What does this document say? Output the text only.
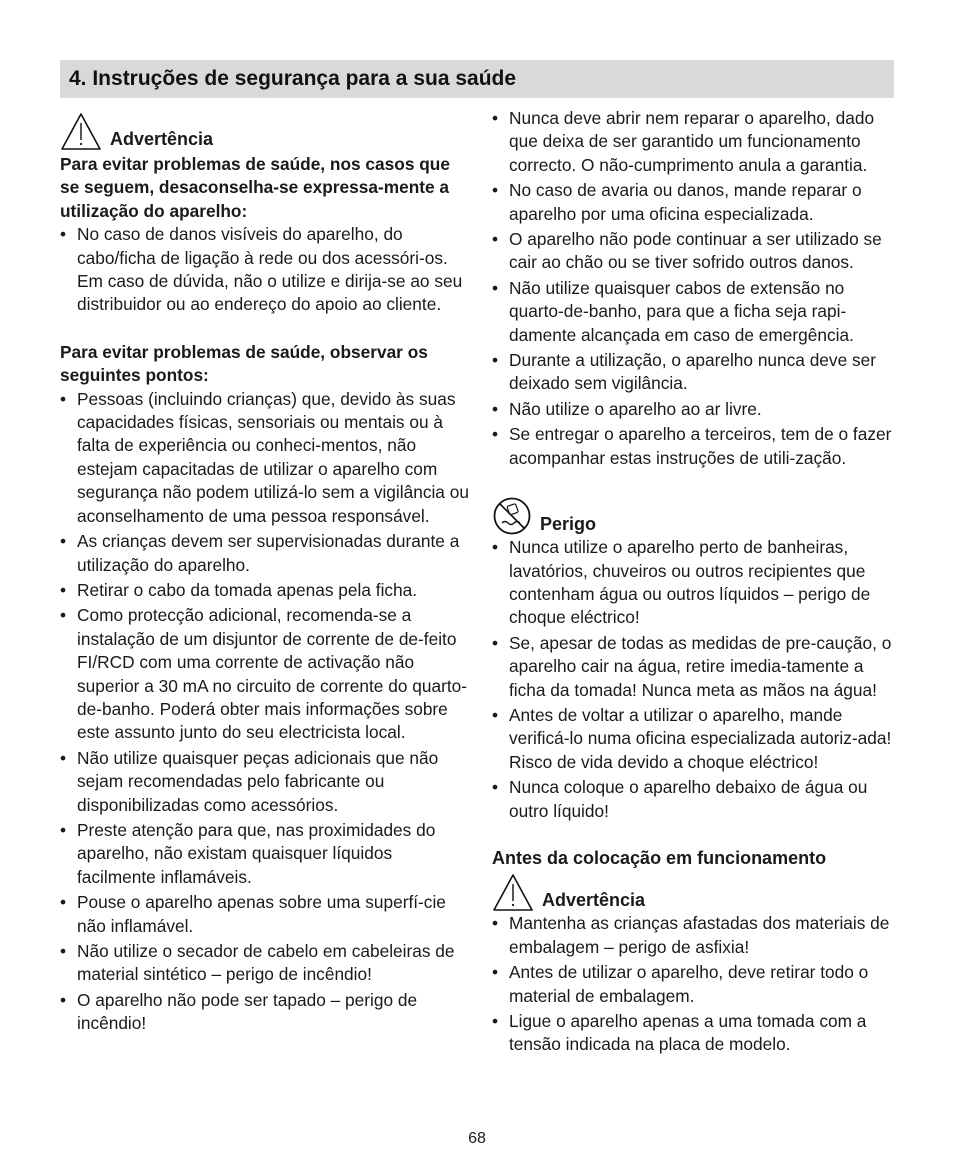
4. Instruções de segurança para a sua saúde
Advertência

Para evitar problemas de saúde, nos casos que se seguem, desaconselha-se expressa-mente a utilização do aparelho:

• No caso de danos visíveis do aparelho, do cabo/ficha de ligação à rede ou dos acessóri-os. Em caso de dúvida, não o utilize e dirija-se ao seu distribuidor ou ao endereço do apoio ao cliente.

Para evitar problemas de saúde, observar os seguintes pontos:

• Pessoas (incluindo crianças) que, devido às suas capacidades físicas, sensoriais ou mentais ou à falta de experiência ou conheci-mentos, não estejam capacitadas de utilizar o aparelho com segurança não podem utilizá-lo sem a vigilância ou aconselhamento de uma pessoa responsável.
• As crianças devem ser supervisionadas durante a utilização do aparelho.
• Retirar o cabo da tomada apenas pela ficha.
• Como protecção adicional, recomenda-se a instalação de um disjuntor de corrente de de-feito FI/RCD com uma corrente de activação não superior a 30 mA no circuito de corrente do quarto-de-banho. Poderá obter mais informações sobre este assunto junto do seu electricista local.
• Não utilize quaisquer peças adicionais que não sejam recomendadas pelo fabricante ou disponibilizadas como acessórios.
• Preste atenção para que, nas proximidades do aparelho, não existam quaisquer líquidos facilmente inflamáveis.
• Pouse o aparelho apenas sobre uma superfí-cie não inflamável.
• Não utilize o secador de cabelo em cabeleiras de material sintético – perigo de incêndio!
• O aparelho não pode ser tapado – perigo de incêndio!
• Nunca deve abrir nem reparar o aparelho, dado que deixa de ser garantido um funcionamento correcto. O não-cumprimento anula a garantia.
• No caso de avaria ou danos, mande reparar o aparelho por uma oficina especializada.
• O aparelho não pode continuar a ser utilizado se cair ao chão ou se tiver sofrido outros danos.
• Não utilize quaisquer cabos de extensão no quarto-de-banho, para que a ficha seja rapi-damente alcançada em caso de emergência.
• Durante a utilização, o aparelho nunca deve ser deixado sem vigilância.
• Não utilize o aparelho ao ar livre.
• Se entregar o aparelho a terceiros, tem de o fazer acompanhar estas instruções de utili-zação.
Perigo
• Nunca utilize o aparelho perto de banheiras, lavatórios, chuveiros ou outros recipientes que contenham água ou outros líquidos – perigo de choque eléctrico!
• Se, apesar de todas as medidas de pre-caução, o aparelho cair na água, retire imedia-tamente a ficha da tomada! Nunca meta as mãos na água!
• Antes de voltar a utilizar o aparelho, mande verificá-lo numa oficina especializada autoriz-ada! Risco de vida devido a choque eléctrico!
• Nunca coloque o aparelho debaixo de água ou outro líquido!

Antes da colocação em funcionamento

Advertência
• Mantenha as crianças afastadas dos materiais de embalagem – perigo de asfixia!
• Antes de utilizar o aparelho, deve retirar todo o material de embalagem.
• Ligue o aparelho apenas a uma tomada com a tensão indicada na placa de modelo.
68
